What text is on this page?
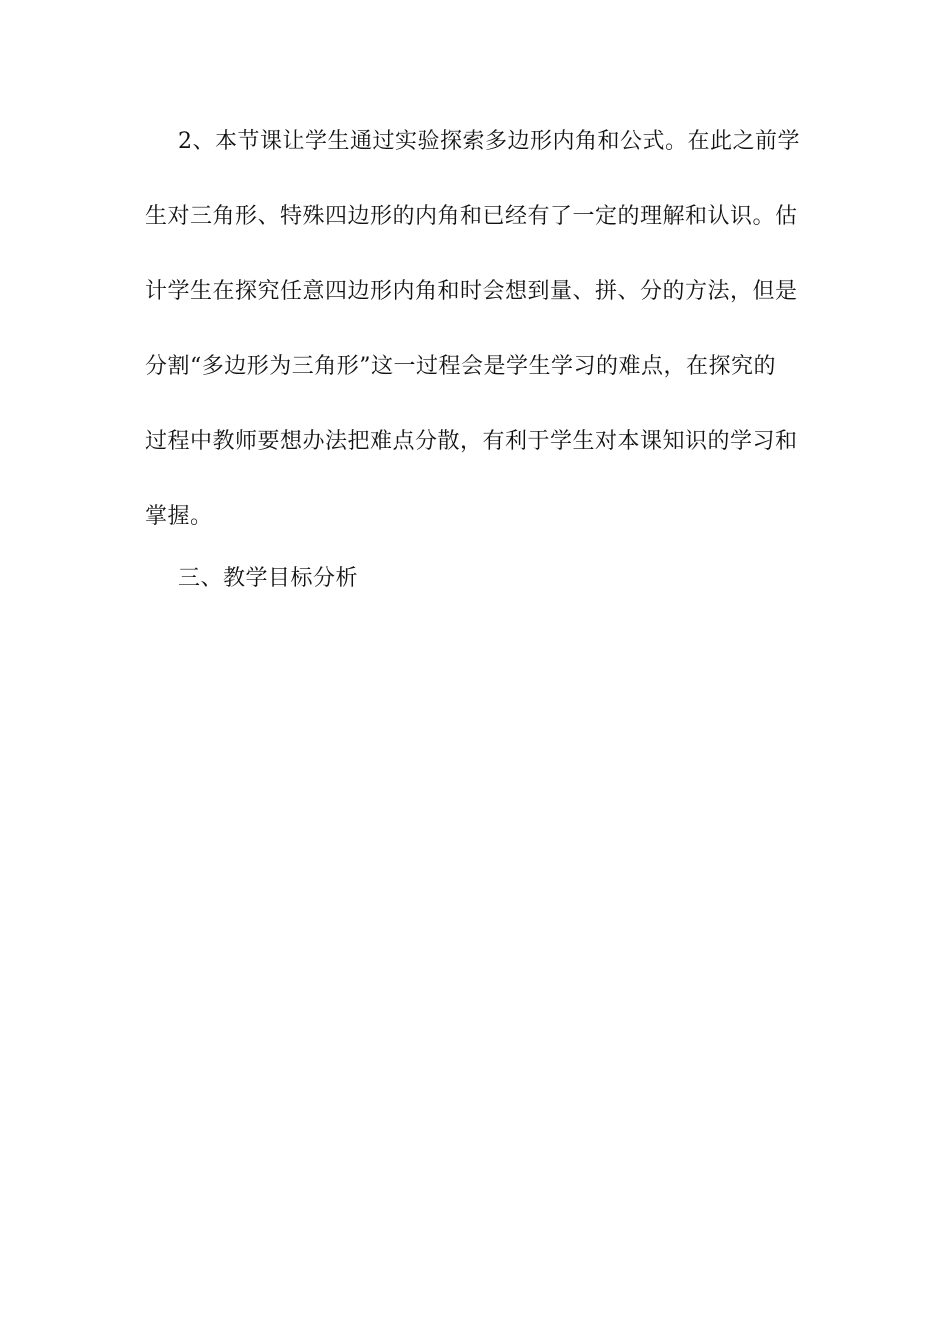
2、本节课让学生通过实验探索多边形内角和公式。在此之前学
生对三角形、特殊四边形的内角和已经有了一定的理解和认识。估
计学生在探究任意四边形内角和时会想到量、拼、分的方法，但是
分割“多边形为三角形”这一过程会是学生学习的难点，在探究的
过程中教师要想办法把难点分散，有利于学生对本课知识的学习和
掌握。
三、教学目标分析
